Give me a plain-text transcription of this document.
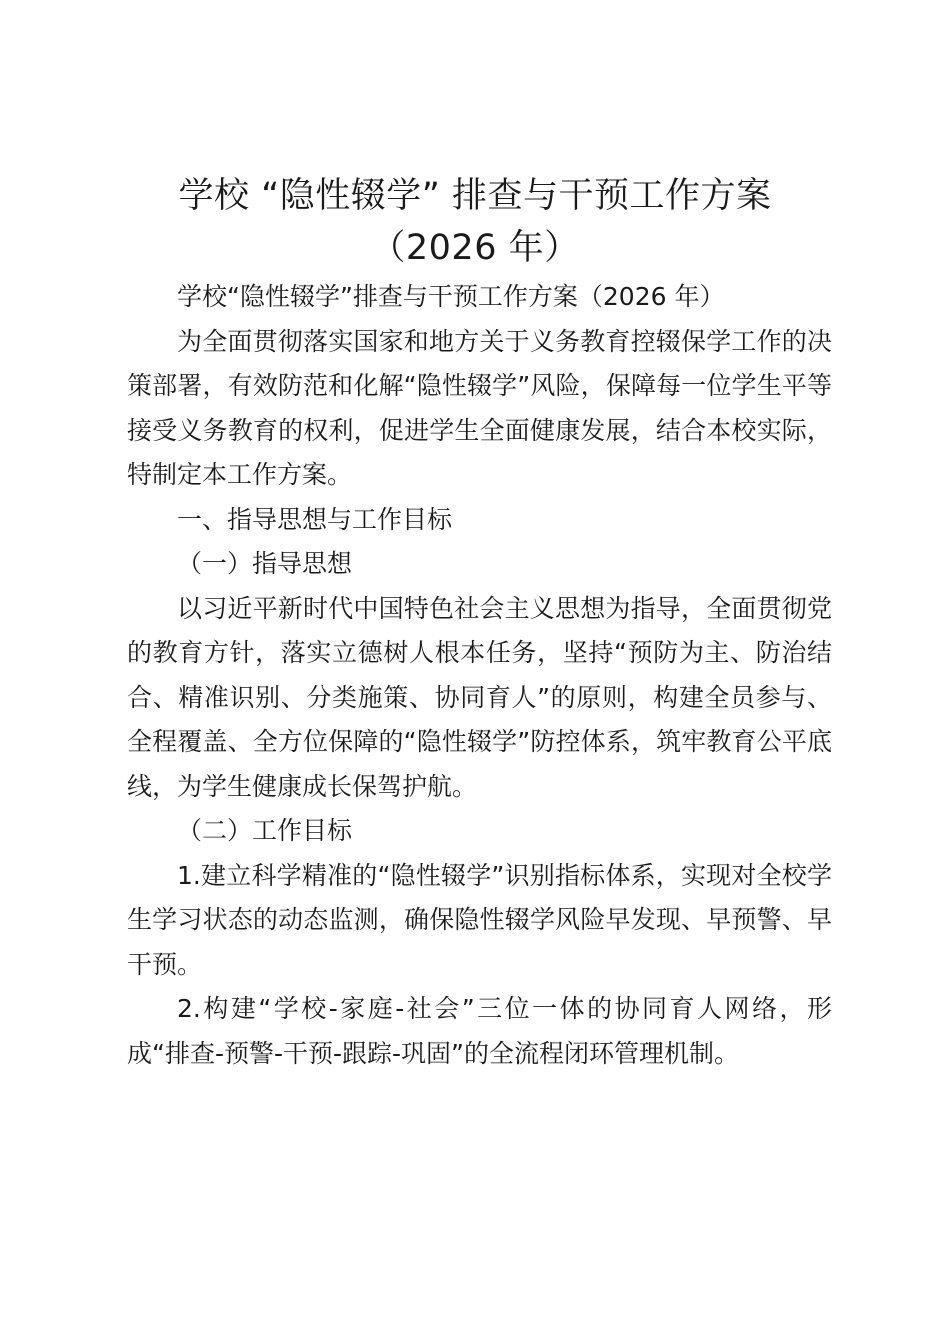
学校 “隐性辍学” 排查与干预工作方案
（2026 年）

学校“隐性辍学”排查与干预工作方案（2026 年）

为全面贯彻落实国家和地方关于义务教育控辍保学工作的决策部署，有效防范和化解“隐性辍学”风险，保障每一位学生平等接受义务教育的权利，促进学生全面健康发展，结合本校实际，特制定本工作方案。

一、指导思想与工作目标

（一）指导思想

以习近平新时代中国特色社会主义思想为指导，全面贯彻党的教育方针，落实立德树人根本任务，坚持“预防为主、防治结合、精准识别、分类施策、协同育人”的原则，构建全员参与、全程覆盖、全方位保障的“隐性辍学”防控体系，筑牢教育公平底线，为学生健康成长保驾护航。

（二）工作目标

1.建立科学精准的“隐性辍学”识别指标体系，实现对全校学生学习状态的动态监测，确保隐性辍学风险早发现、早预警、早干预。

2.构建“学校-家庭-社会”三位一体的协同育人网络，形成“排查-预警-干预-跟踪-巩固”的全流程闭环管理机制。
